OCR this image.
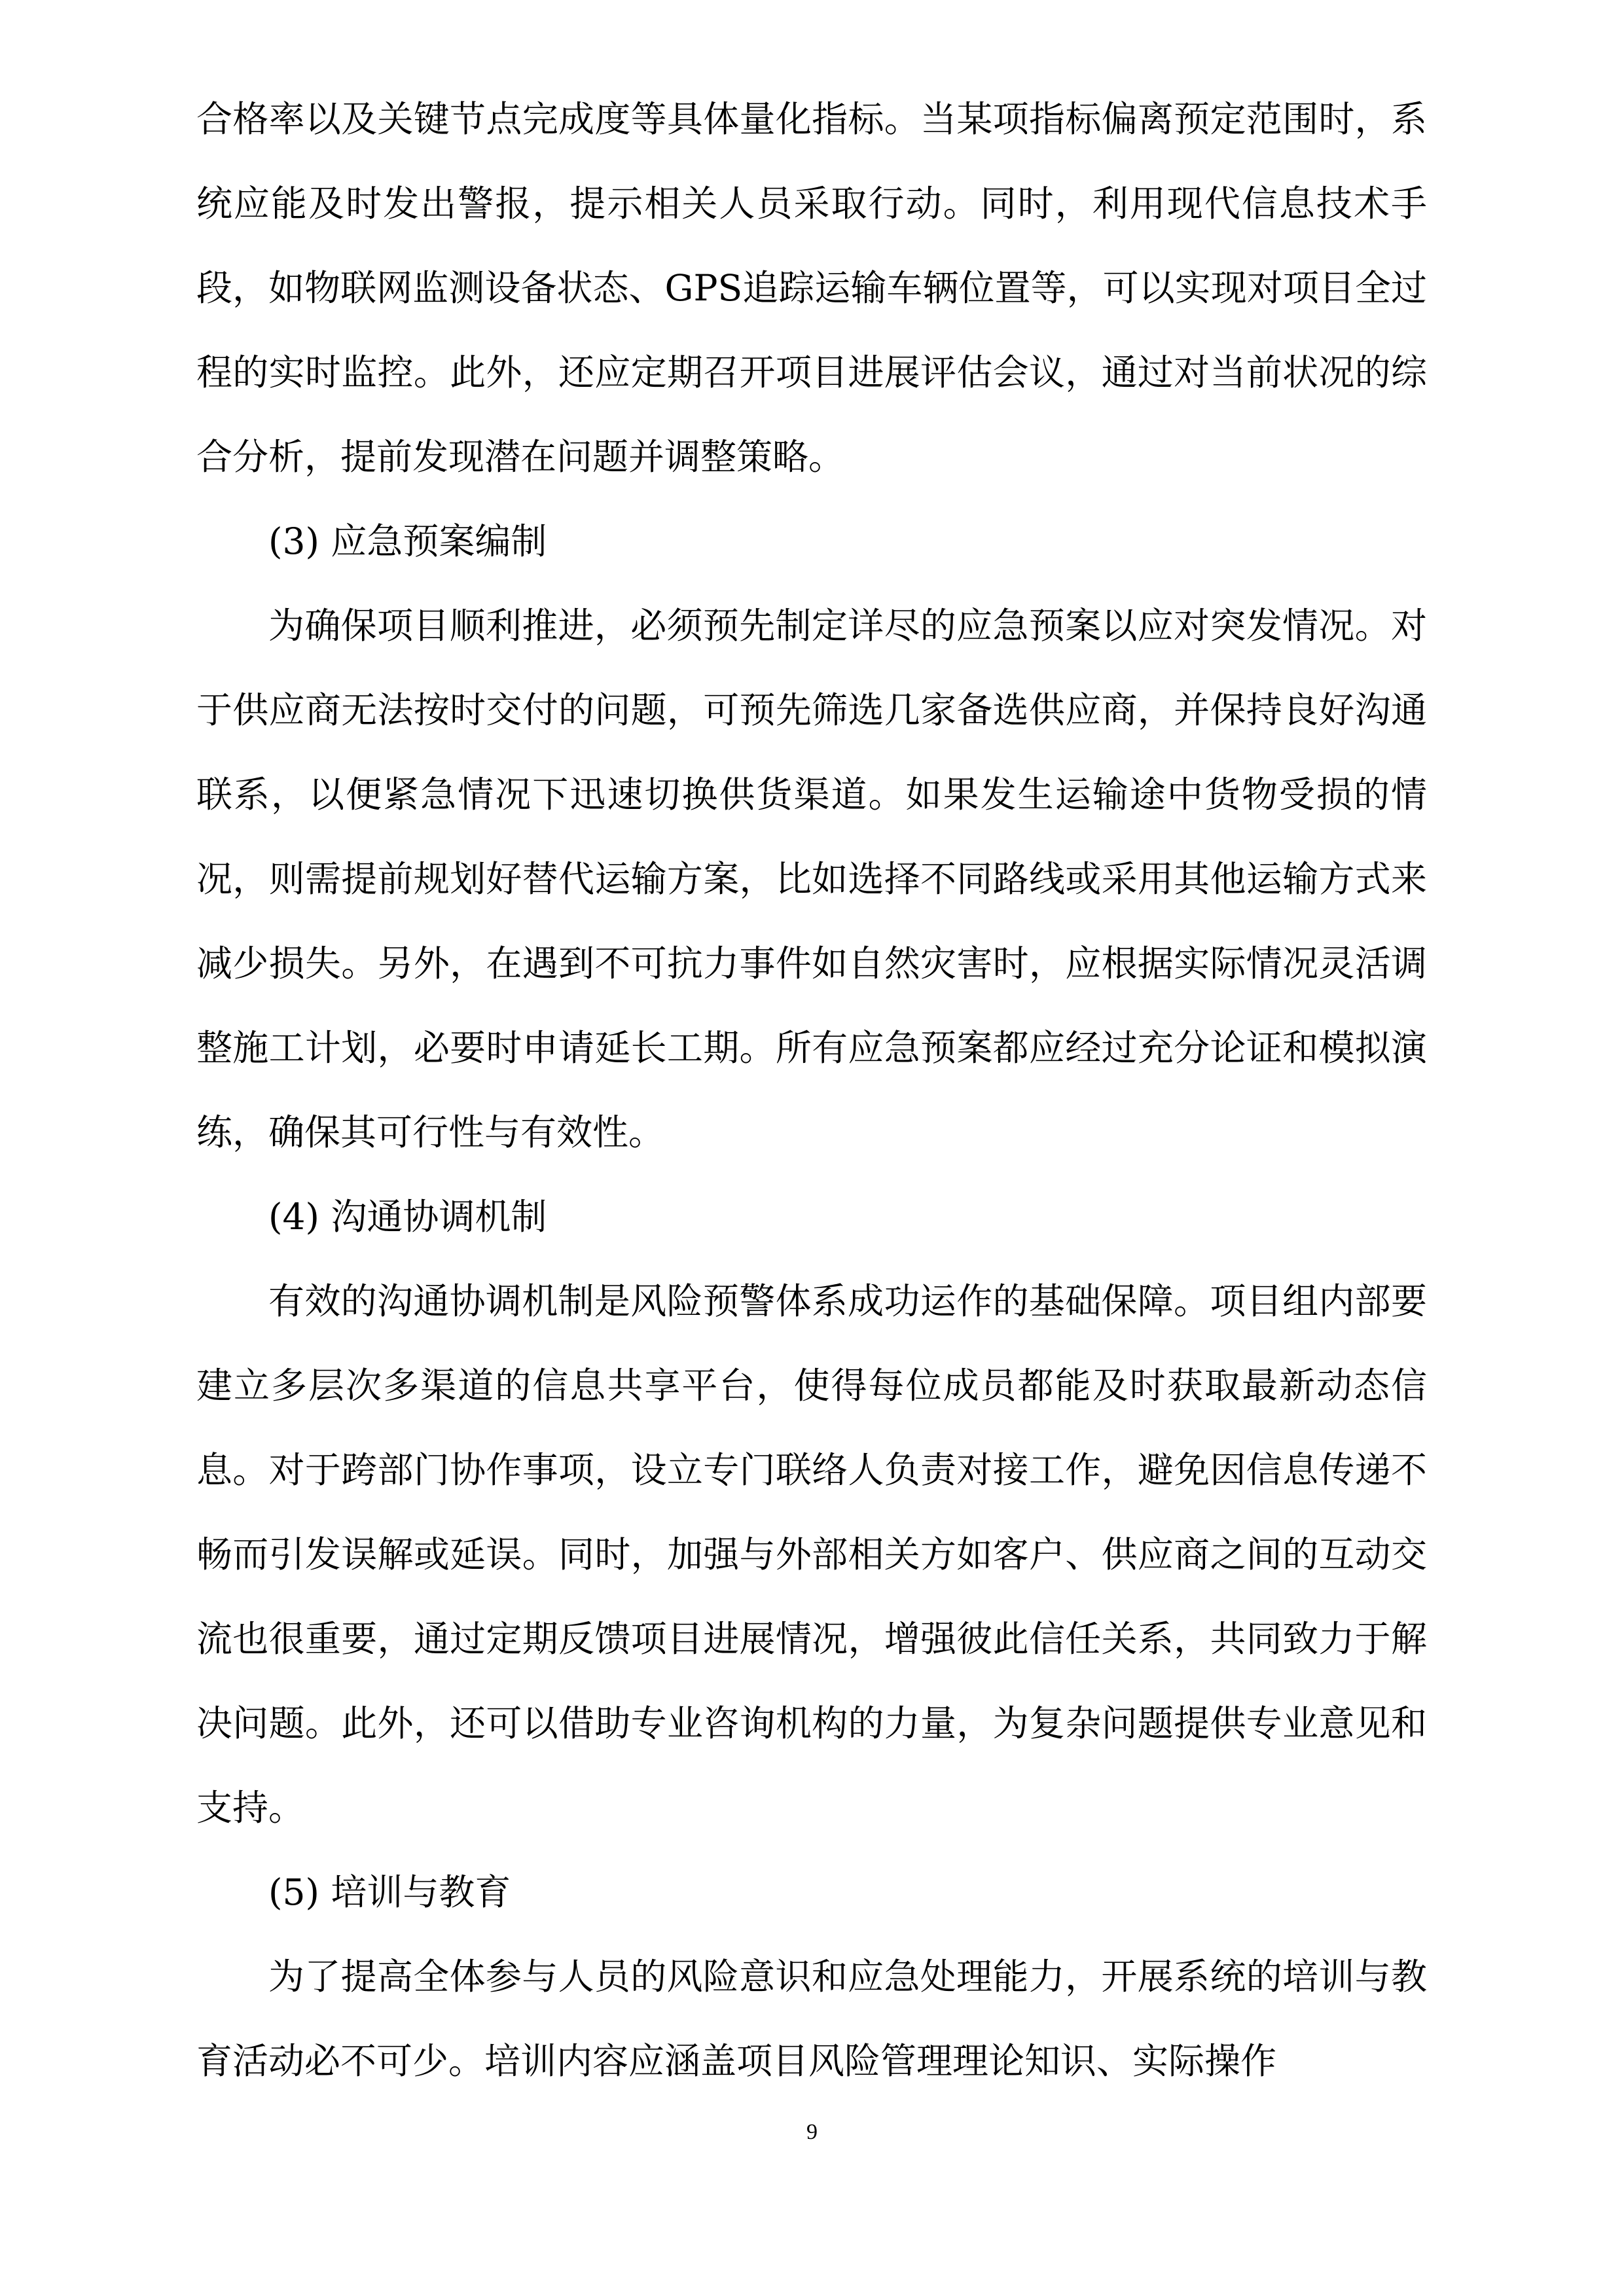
合格率以及关键节点完成度等具体量化指标。当某项指标偏离预定范围时，系统应能及时发出警报，提示相关人员采取行动。同时，利用现代信息技术手段，如物联网监测设备状态、GPS追踪运输车辆位置等，可以实现对项目全过程的实时监控。此外，还应定期召开项目进展评估会议，通过对当前状况的综合分析，提前发现潜在问题并调整策略。

(3) 应急预案编制

为确保项目顺利推进，必须预先制定详尽的应急预案以应对突发情况。对于供应商无法按时交付的问题，可预先筛选几家备选供应商，并保持良好沟通联系，以便紧急情况下迅速切换供货渠道。如果发生运输途中货物受损的情况，则需提前规划好替代运输方案，比如选择不同路线或采用其他运输方式来减少损失。另外，在遇到不可抗力事件如自然灾害时，应根据实际情况灵活调整施工计划，必要时申请延长工期。所有应急预案都应经过充分论证和模拟演练，确保其可行性与有效性。

(4) 沟通协调机制

有效的沟通协调机制是风险预警体系成功运作的基础保障。项目组内部要建立多层次多渠道的信息共享平台，使得每位成员都能及时获取最新动态信息。对于跨部门协作事项，设立专门联络人负责对接工作，避免因信息传递不畅而引发误解或延误。同时，加强与外部相关方如客户、供应商之间的互动交流也很重要，通过定期反馈项目进展情况，增强彼此信任关系，共同致力于解决问题。此外，还可以借助专业咨询机构的力量，为复杂问题提供专业意见和支持。

(5) 培训与教育

为了提高全体参与人员的风险意识和应急处理能力，开展系统的培训与教育活动必不可少。培训内容应涵盖项目风险管理理论知识、实际操作

9
